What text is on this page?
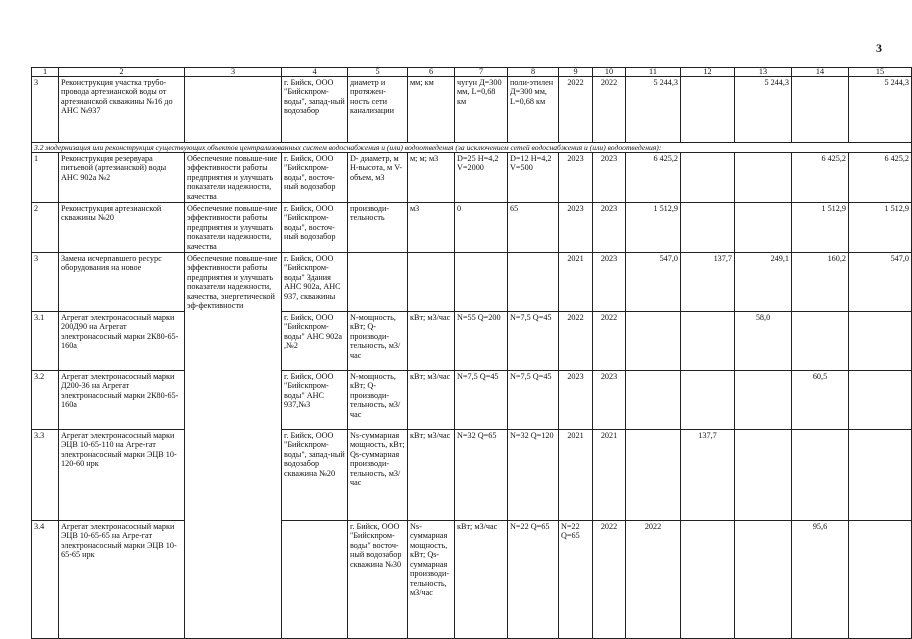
3
1	2	3	4	5	6	7	8	9	10	11	12	13	14	15	
3	Реконструкция участка трубо-провода артезианской воды от артезианской скважины №16 до АНС №937		г. Бийск, ООО "Бийскпром-воды", запад-ный водозабор	диаметр и протяжен-ность сети канализации	мм; км	чугун Д=300 мм, L=0,68 км	поли-этилен Д=300 мм, L=0,68 км	2022	2022	5 244,3		5 244,3		5 244,3	
3.2 модернизация или реконструкция существующих объектов централизованных систем водоснабжения и (или) водоотведения (за исключением сетей водоснабжения и (или) водоотведения):															
1	Реконструкция резервуара питьевой (артезианской) воды АНС 902а №2	Обеспечение повыше-ние эффективности работы предприятия и улучшать показатели надежности, качества	г. Бийск, ООО "Бийскпром-воды", восточ-ный водозабор	D- диаметр, м H-высота, м V-объем, м3	м; м; м3	D=25 H=4,2 V=2000	D=12 H=4,2 V=500	2023	2023	6 425,2			6 425,2	6 425,2	
2	Реконструкция артезианской скважины №20	Обеспечение повыше-ние эффективности работы предприятия и улучшать показатели надежности, качества	г. Бийск, ООО "Бийскпром-воды", восточ-ный водозабор	производи-тельность	м3	0	65	2023	2023	1 512,9			1 512,9	1 512,9	
3	Замена исчерпавшего ресурс оборудования на новое	Обеспечение повыше-ние эффективности работы предприятия и улучшать показатели надежности, качества, энергетической эф-фективности	г. Бийск, ООО "Бийскпром-воды" Здания АНС 902а, АНС 937, скважины					2021	2023	547,0	137,7	249,1	160,2	547,0	
3.1	Агрегат электронасосный марки 200Д90 на Агрегат электронасосный марки 2К80-65-160а		г. Бийск, ООО "Бийскпром-воды" АНС 902а ,№2	N-мощность, кВт; Q-производи-тельность, м3/час	кВт; м3/час	N=55 Q=200	N=7,5 Q=45	2022	2022			58,0			
3.2	Агрегат электронасосный марки Д200-36 на Агрегат электронасосный марки 2К80-65-160а		г. Бийск, ООО "Бийскпром-воды" АНС 937,№3	N-мощность, кВт; Q-производи-тельность, м3/час	кВт; м3/час	N=7,5 Q=45	N=7,5 Q=45	2023	2023				60,5		
3.3	Агрегат электронасосный марки ЭЦВ 10-65-110 на Агре-гат электронасосный марки ЭЦВ 10-120-60 нрк		г. Бийск, ООО "Бийскпром-воды", запад-ный водозабор скважина №20	Ns-суммарная мощность, кВт; Qs-суммарная производи-тельность, м3/час	кВт; м3/час	N=32 Q=65	N=32 Q=120	2021	2021		137,7				
3.4	Агрегат электронасосный марки ЭЦВ 10-65-65 на Агре-гат электронасосный марки ЭЦВ 10-65-65 нрк			г. Бийск, ООО "Бийскпром-воды" восточ-ный водозабор скважина №30	Ns-суммарная мощность, кВт; Qs-суммарная производи-тельность, м3/час	кВт; м3/час	N=22 Q=65	N=22 Q=65	2022	2022			95,6		
